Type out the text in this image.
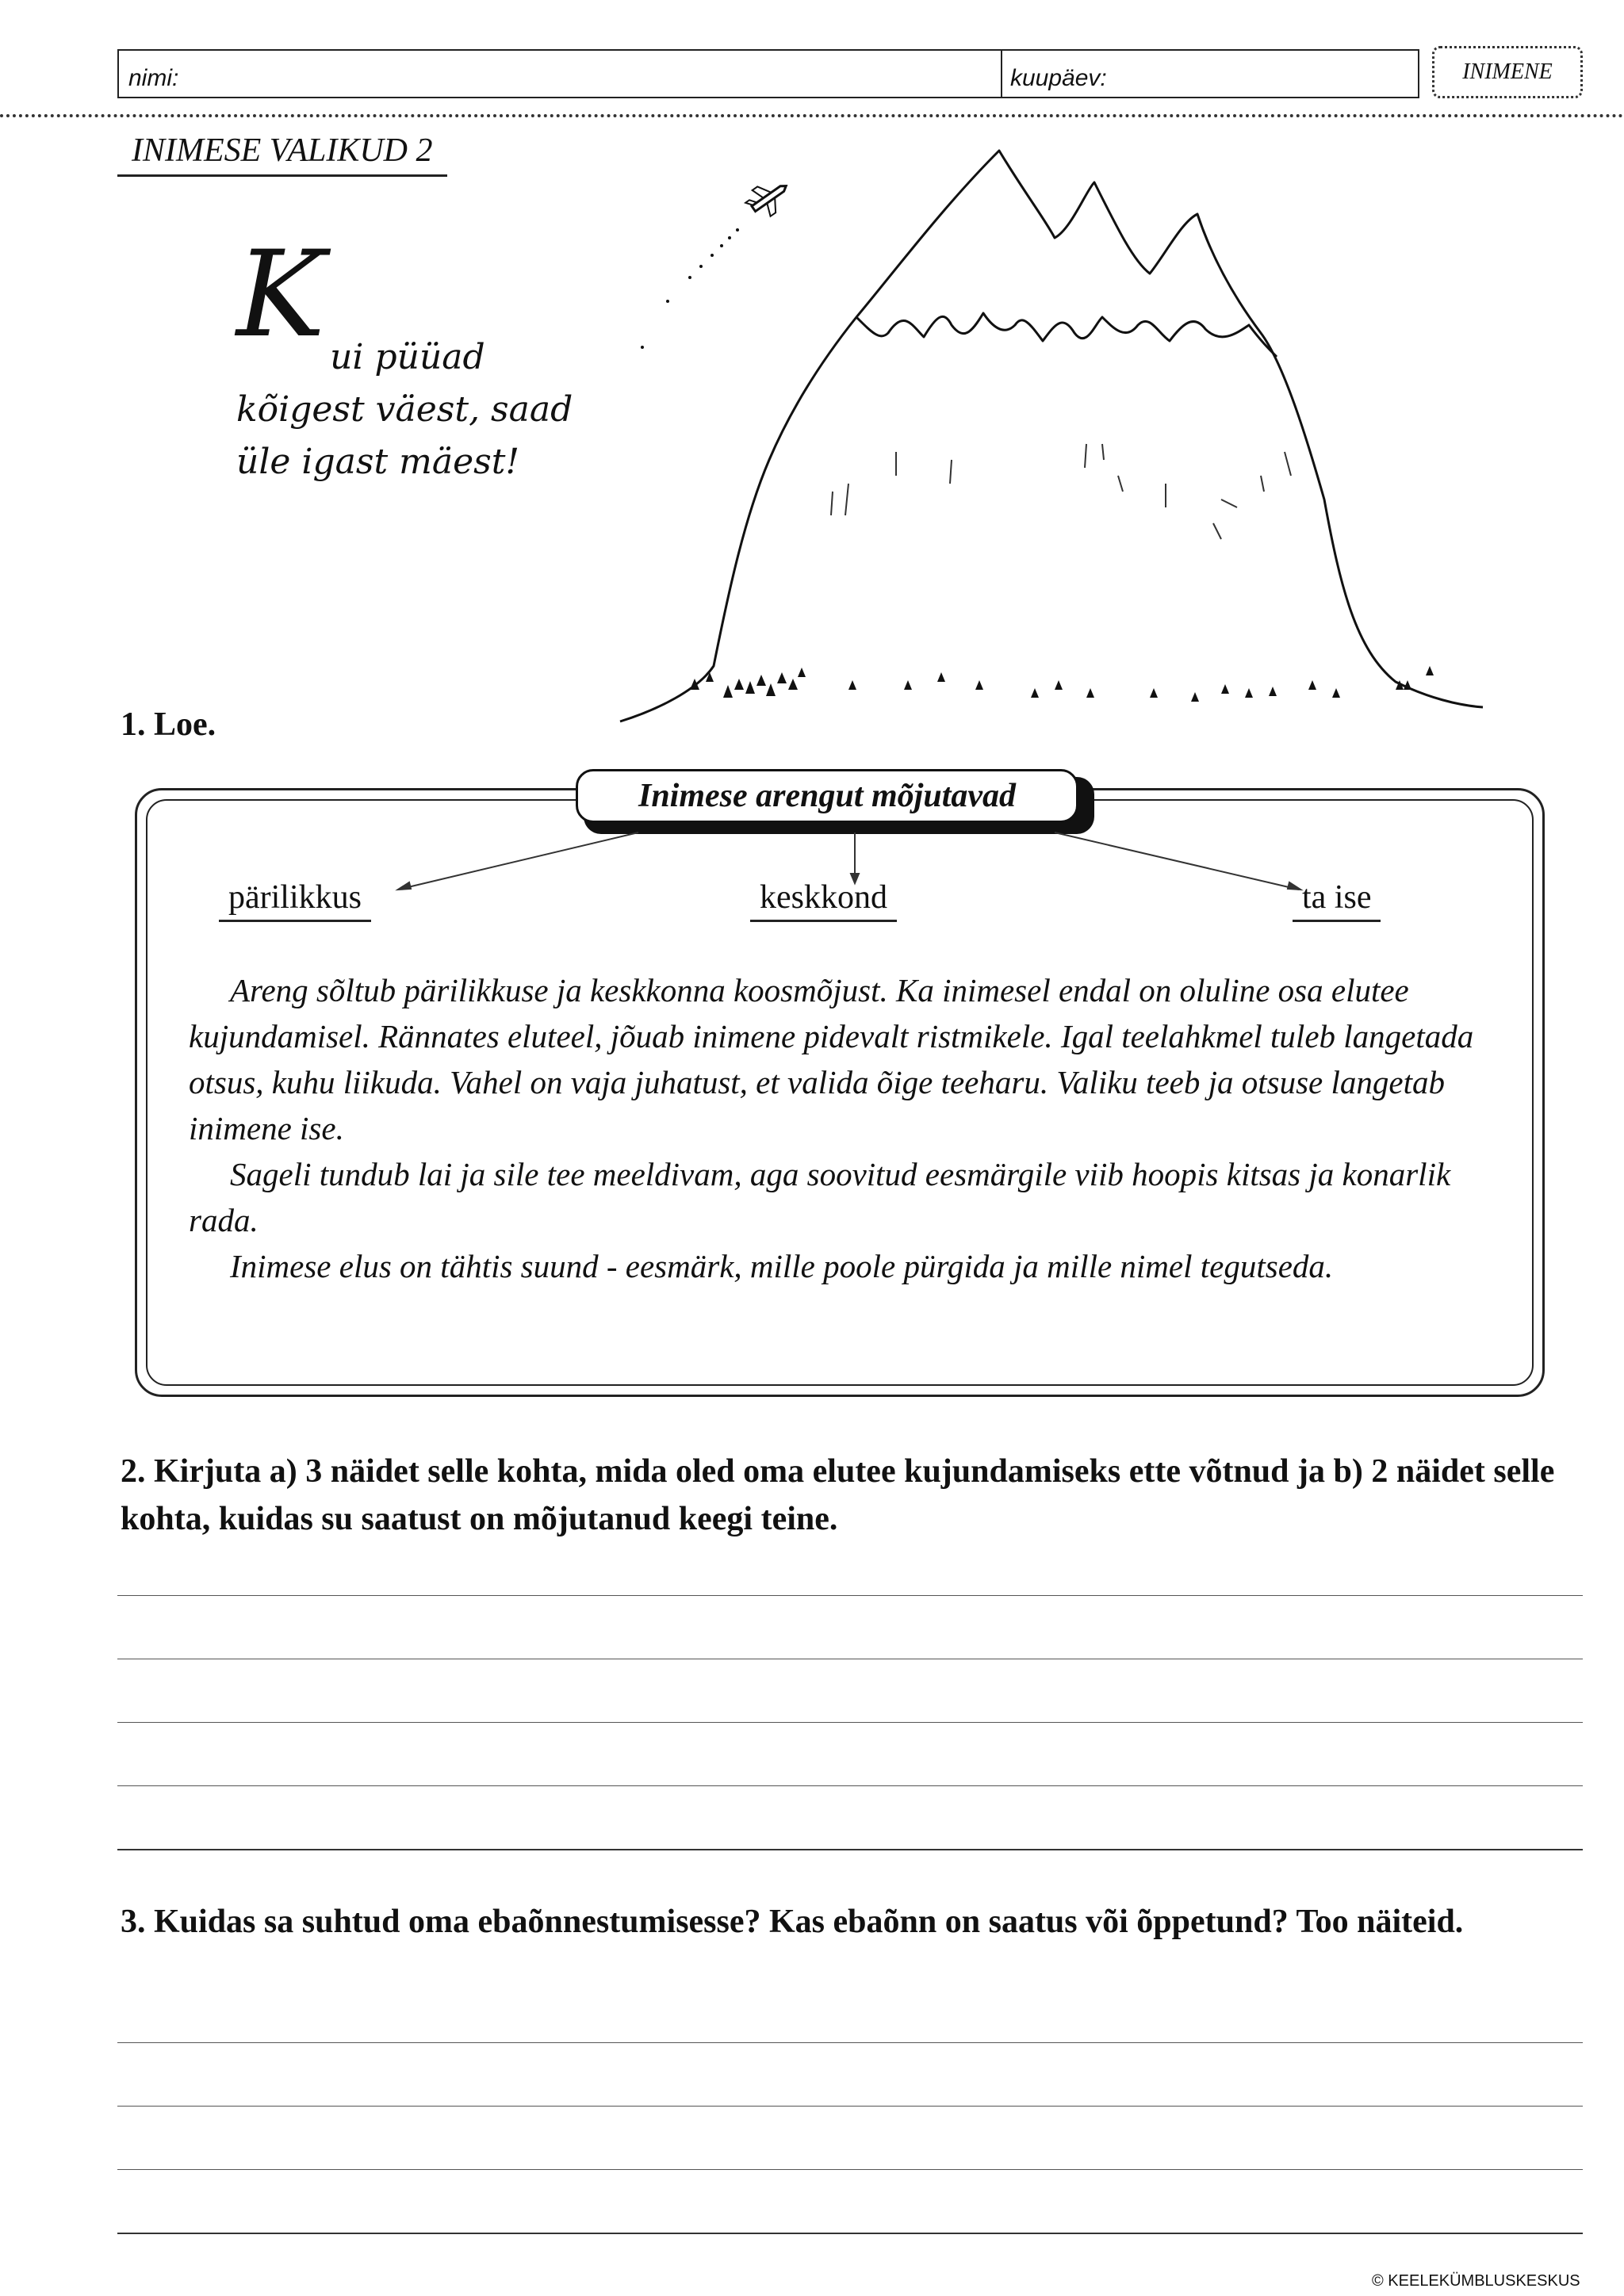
nimi:	kuupäev:	INIMENE
INIMESE VALIKUD 2
K ui püüad
kõigest väest, saad
üle igast mäest!
1. Loe.
Inimese arengut mõjutavad
pärilikkus	keskkond	ta ise

Areng sõltub pärilikkuse ja keskkonna koosmõjust. Ka inimesel endal on oluline osa elutee kujundamisel. Rännates eluteel, jõuab inimene pidevalt ristmikele. Igal teelahkmel tuleb langetada otsus, kuhu liikuda. Vahel on vaja juhatust, et valida õige teeharu. Valiku teeb ja otsuse langetab inimene ise.

Sageli tundub lai ja sile tee meeldivam, aga soovitud eesmärgile viib hoopis kitsas ja konarlik rada.

Inimese elus on tähtis suund - eesmärk, mille poole pürgida ja mille nimel tegutseda.

2. Kirjuta a) 3 näidet selle kohta, mida oled oma elutee kujundamiseks ette võtnud ja b) 2 näidet selle kohta, kuidas su saatust on mõjutanud keegi teine.
3. Kuidas sa suhtud oma ebaõnnestumisesse? Kas ebaõnn on saatus või õppetund? Too näiteid.
© KEELEKÜMBLUSKESKUS
